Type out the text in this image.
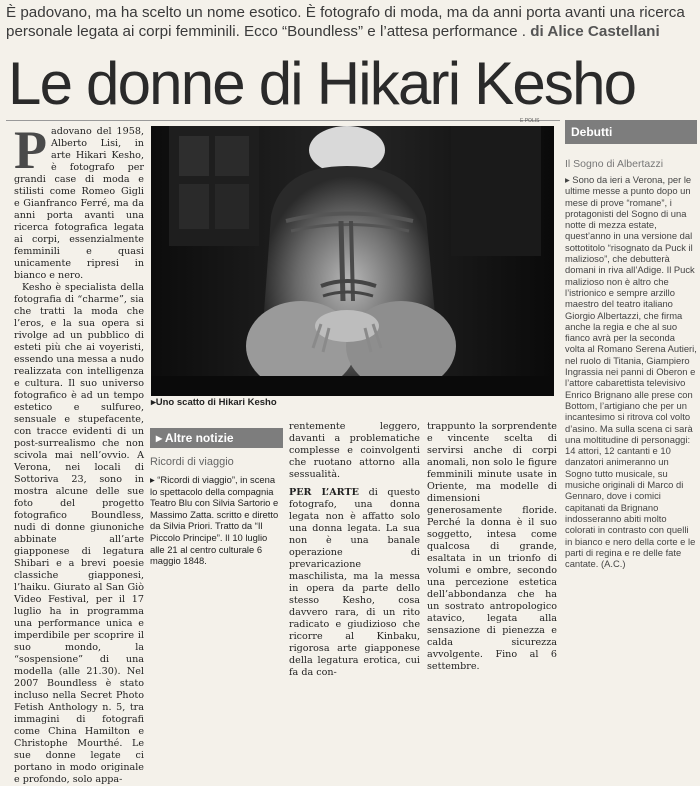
È padovano, ma ha scelto un nome esotico. È fotografo di moda, ma da anni porta avanti una ricerca personale legata ai corpi femminili. Ecco “Boundless” e l’attesa performance . di Alice Castellani
Le donne di Hikari Kesho
P adovano del 1958, Alberto Lisi, in arte Hikari Kesho, è fotografo per grandi case di moda e stilisti come Romeo Gigli e Gianfranco Ferré, ma da anni porta avanti una ricerca fotografica legata ai corpi, essenzialmente femminili e quasi unicamente ripresi in bianco e nero.

Kesho è specialista della fotografia di “charme”, sia che tratti la moda che l’eros, e la sua opera si rivolge ad un pubblico di esteti più che ai voyeristi, essendo una messa a nudo realizzata con intelligenza e cultura. Il suo universo fotografico è ad un tempo estetico e sulfureo, sensuale e stupefacente, con tracce evidenti di un post-surrealismo che non scivola mai nell’ovvio. A Verona, nei locali di Sottoriva 23, sono in mostra alcune delle sue foto del progetto fotografico Boundless, nudi di donne giunoniche abbinate all’arte giapponese di legatura Shibari e a brevi poesie classiche giapponesi, l’haiku. Giurato al San Giò Video Festival, per il 17 luglio ha in programma una performance unica e imperdibile per scoprire il suo mondo, la “sospensione” di una modella (alle 21.30). Nel 2007 Boundless è stato incluso nella Secret Photo Fetish Anthology n. 5, tra immagini di fotografi come China Hamilton e Christophe Mourthé. Le sue donne legate ci portano in modo originale e profondo, solo appa-

E POLIS
▸Uno scatto di Hikari Kesho
▸ Altre notizie
Ricordi di viaggio
▸ “Ricordi di viaggio”, in scena lo spettacolo della compagnia Teatro Blu con Silvia Sartorio e Massimo Zatta. scritto e diretto da Silvia Priori. Tratto da “Il Piccolo Principe”. Il 10 luglio alle 21 al centro culturale 6 maggio 1848.

rentemente leggero, davanti a problematiche complesse e coinvolgenti che ruotano attorno alla sessualità.

PER L’ARTE di questo fotografo, una donna legata non è affatto solo una donna legata. La sua non è una banale operazione di prevaricazione maschilista, ma la messa in opera da parte dello stesso Kesho, cosa davvero rara, di un rito radicato e giudizioso che ricorre al Kinbaku, rigorosa arte giapponese della legatura erotica, cui fa da con-

trappunto la sorprendente e vincente scelta di servirsi anche di corpi anomali, non solo le figure femminili minute usate in Oriente, ma modelle di dimensioni generosamente floride. Perché la donna è il suo soggetto, intesa come qualcosa di grande, esaltata in un trionfo di volumi e ombre, secondo una percezione estetica dell’abbondanza che ha un sostrato antropologico atavico, legata alla sensazione di pienezza e calda sicurezza avvolgente. Fino al 6 settembre.

Debutti
Il Sogno di Albertazzi
▸ Sono da ieri a Verona, per le ultime messe a punto dopo un mese di prove “romane”, i protagonisti del Sogno di una notte di mezza estate, quest’anno in una versione dal sottotitolo “risognato da Puck il malizioso”, che debutterà domani in riva all’Adige. Il Puck malizioso non è altro che l’istrionico e sempre arzillo maestro del teatro italiano Giorgio Albertazzi, che firma anche la regia e che al suo fianco avrà per la seconda volta al Romano Serena Autieri, nel ruolo di Titania, Giampiero Ingrassia nei panni di Oberon e l’attore cabarettista televisivo Enrico Brignano alle prese con Bottom, l’artigiano che per un incantesimo si ritrova col volto d’asino. Ma sulla scena ci sarà una moltitudine di personaggi: 14 attori, 12 cantanti e 10 danzatori animeranno un Sogno tutto musicale, su musiche originali di Marco di Gennaro, dove i comici capitanati da Brignano indosseranno abiti molto colorati in contrasto con quelli in bianco e nero della corte e le parti di regina e re delle fate cantate. (A.C.)
